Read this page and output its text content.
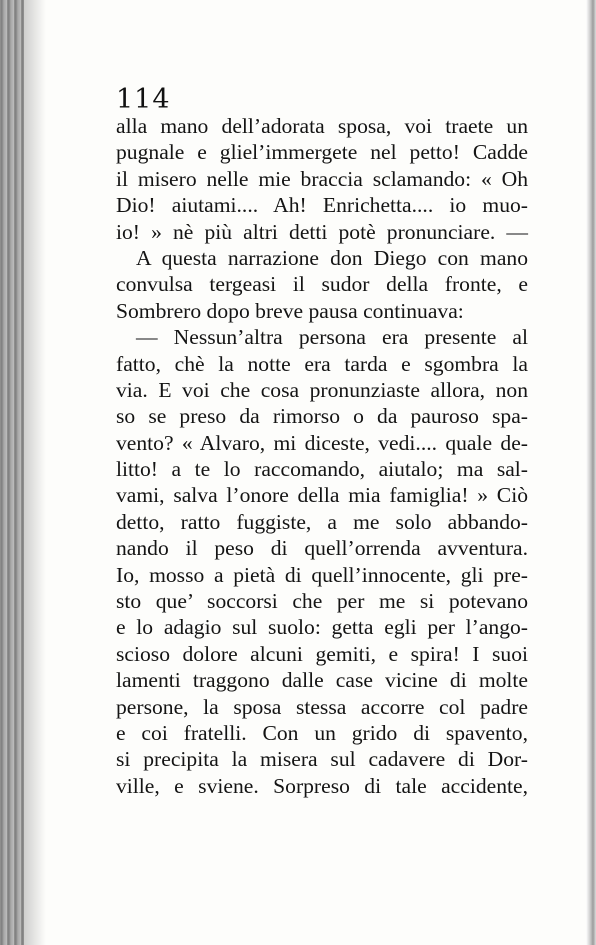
114
alla mano dell’adorata sposa, voi traete un
pugnale e gliel’immergete nel petto! Cadde
il misero nelle mie braccia sclamando: « Oh
Dio! aiutami.... Ah! Enrichetta.... io muo-
io! » nè più altri detti potè pronunciare. —
A questa narrazione don Diego con mano
convulsa tergeasi il sudor della fronte, e
Sombrero dopo breve pausa continuava:
— Nessun’altra persona era presente al
fatto, chè la notte era tarda e sgombra la
via. E voi che cosa pronunziaste allora, non
so se preso da rimorso o da pauroso spa-
vento? « Alvaro, mi diceste, vedi.... quale de-
litto! a te lo raccomando, aiutalo; ma sal-
vami, salva l’onore della mia famiglia! » Ciò
detto, ratto fuggiste, a me solo abbando-
nando il peso di quell’orrenda avventura.
Io, mosso a pietà di quell’innocente, gli pre-
sto que’ soccorsi che per me si potevano
e lo adagio sul suolo: getta egli per l’ango-
scioso dolore alcuni gemiti, e spira! I suoi
lamenti traggono dalle case vicine di molte
persone, la sposa stessa accorre col padre
e coi fratelli. Con un grido di spavento,
si precipita la misera sul cadavere di Dor-
ville, e sviene. Sorpreso di tale accidente,
